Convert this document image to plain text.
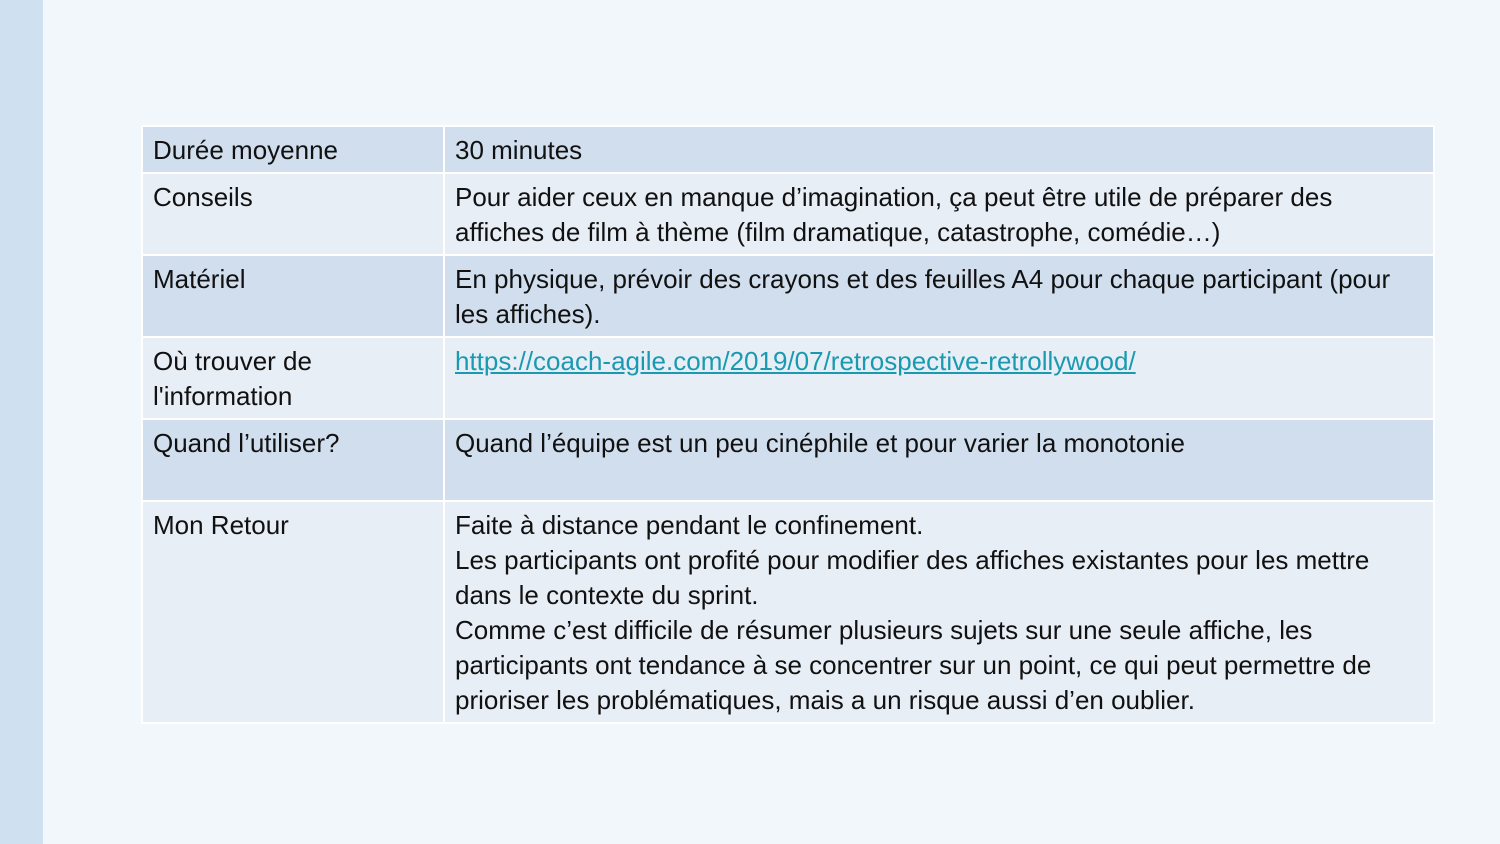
Durée moyenne	30 minutes

Conseils	Pour aider ceux en manque d’imagination, ça peut être utile de préparer des affiches de film à thème (film dramatique, catastrophe, comédie…)

Matériel	En physique, prévoir des crayons et des feuilles A4 pour chaque participant (pour les affiches).

Où trouver de l'information	https://coach-agile.com/2019/07/retrospective-retrollywood/
Quand l’utiliser?	Quand l’équipe est un peu cinéphile et pour varier la monotonie

Mon Retour	Faite à distance pendant le confinement.
Les participants ont profité pour modifier des affiches existantes pour les mettre dans le contexte du sprint.
Comme c’est difficile de résumer plusieurs sujets sur une seule affiche, les participants ont tendance à se concentrer sur un point, ce qui peut permettre de prioriser les problématiques, mais a un risque aussi d’en oublier.
